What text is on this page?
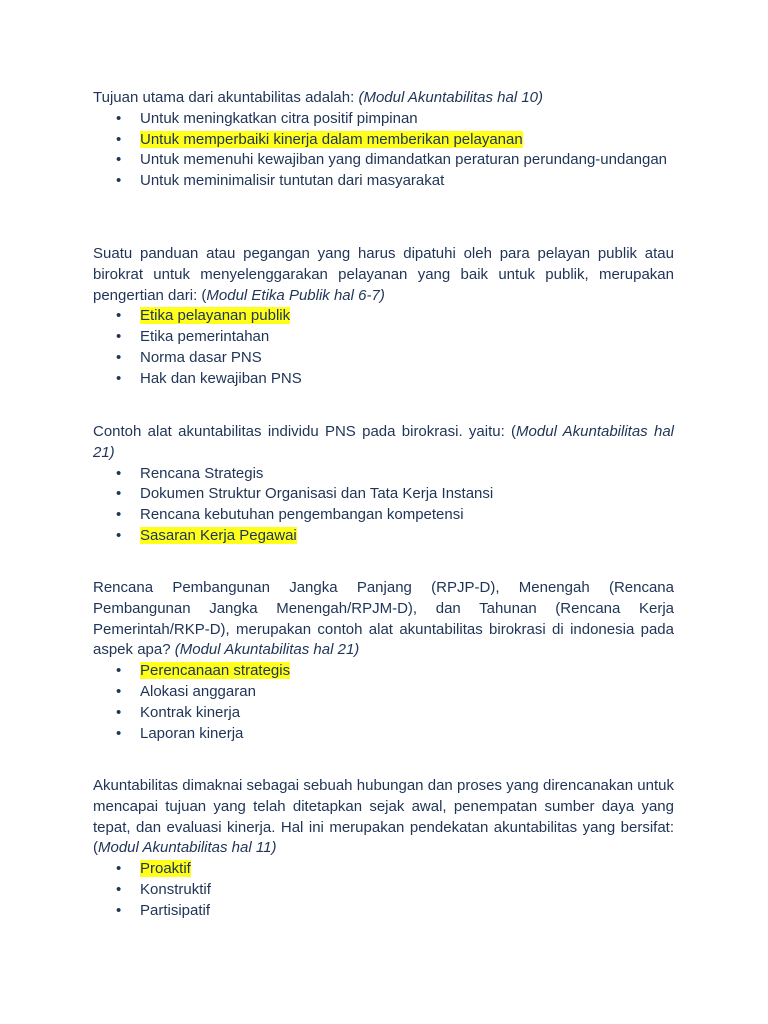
Tujuan utama dari akuntabilitas adalah: (Modul Akuntabilitas hal 10)

• Untuk meningkatkan citra positif pimpinan
• Untuk memperbaiki kinerja dalam memberikan pelayanan
• Untuk memenuhi kewajiban yang dimandatkan peraturan perundang-undangan
• Untuk meminimalisir tuntutan dari masyarakat

Suatu panduan atau pegangan yang harus dipatuhi oleh para pelayan publik atau birokrat untuk menyelenggarakan pelayanan yang baik untuk publik, merupakan pengertian dari: (Modul Etika Publik hal 6-7)

• Etika pelayanan publik
• Etika pemerintahan
• Norma dasar PNS
• Hak dan kewajiban PNS

Contoh alat akuntabilitas individu PNS pada birokrasi. yaitu: (Modul Akuntabilitas hal 21)

• Rencana Strategis
• Dokumen Struktur Organisasi dan Tata Kerja Instansi
• Rencana kebutuhan pengembangan kompetensi
• Sasaran Kerja Pegawai

Rencana Pembangunan Jangka Panjang (RPJP-D), Menengah (Rencana Pembangunan Jangka Menengah/RPJM-D), dan Tahunan (Rencana Kerja Pemerintah/RKP-D), merupakan contoh alat akuntabilitas birokrasi di indonesia pada aspek apa? (Modul Akuntabilitas hal 21)

• Perencanaan strategis
• Alokasi anggaran
• Kontrak kinerja
• Laporan kinerja

Akuntabilitas dimaknai sebagai sebuah hubungan dan proses yang direncanakan untuk mencapai tujuan yang telah ditetapkan sejak awal, penempatan sumber daya yang tepat, dan evaluasi kinerja. Hal ini merupakan pendekatan akuntabilitas yang bersifat: (Modul Akuntabilitas hal 11)

• Proaktif
• Konstruktif
• Partisipatif
